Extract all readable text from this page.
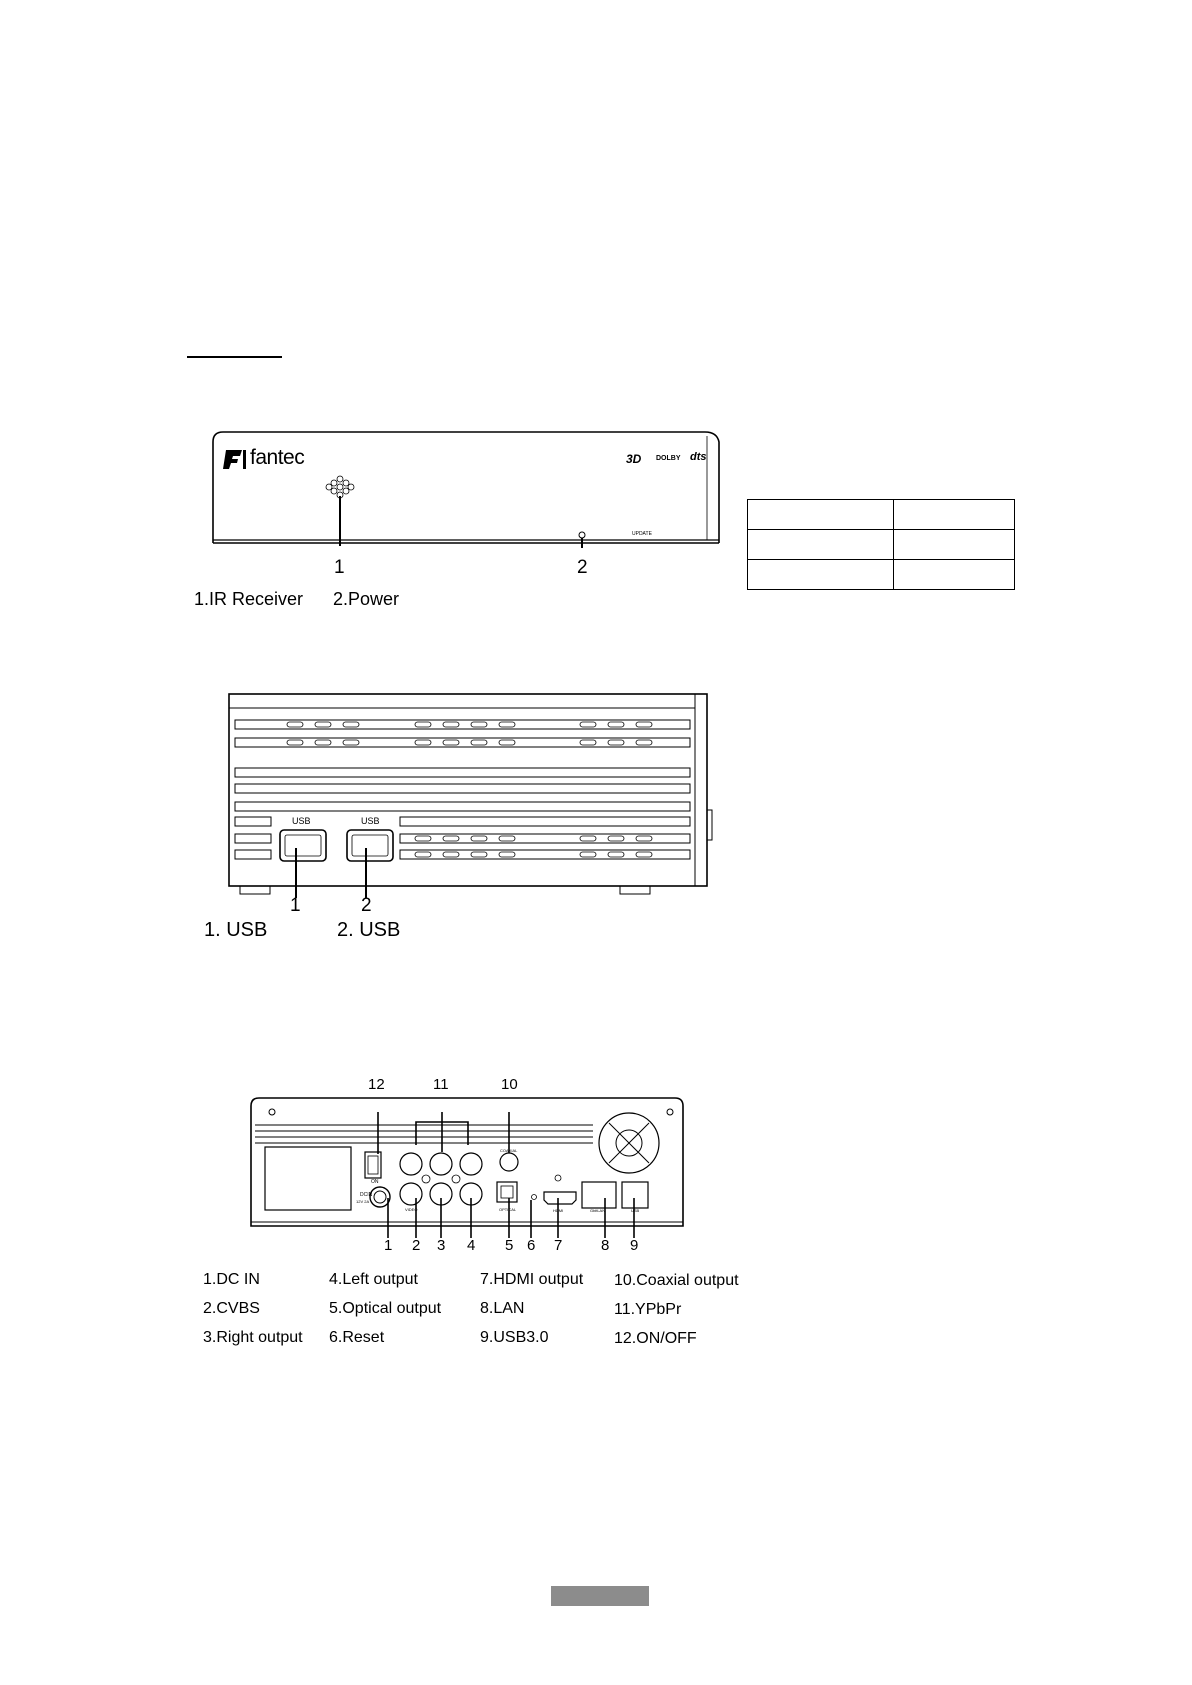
fantec	3D DOLBY dts
UPDATE
1	2
1.IR Receiver 2.Power

USB	USB
1	2
1. USB	2. USB
ON
DCIN
12V 2A
VIDEO
COAXIAL
OPTICAL	HDMI	GbitLAN	USB
12	11	10
1 2 3 4 5 6 7	8 9
1.DC IN
2.CVBS
3.Right output
4.Left output
5.Optical output
6.Reset
7.HDMI output
8.LAN
9.USB3.0
10.Coaxial output
11.YPbPr
12.ON/OFF
